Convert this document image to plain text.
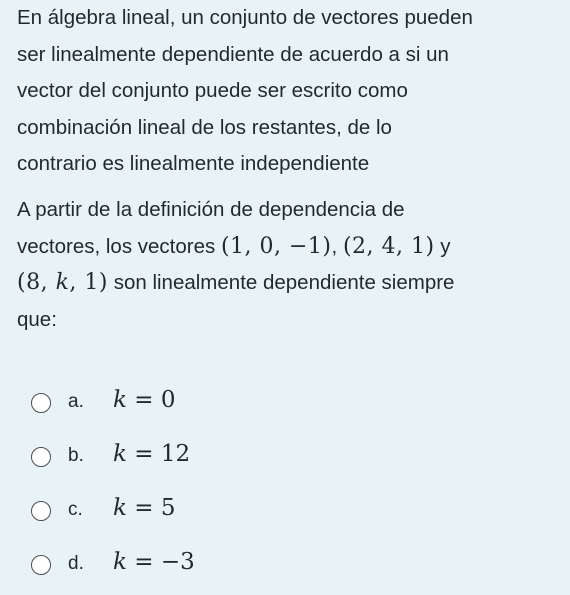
En álgebra lineal, un conjunto de vectores pueden
ser linealmente dependiente de acuerdo a si un
vector del conjunto puede ser escrito como
combinación lineal de los restantes, de lo
contrario es linealmente independiente
A partir de la definición de dependencia de
vectores, los vectores (1, 0, −1), (2, 4, 1) y
(8, k, 1) son linealmente dependiente siempre
que:
a. k = 0
b. k = 12
c. k = 5
d. k = −3
